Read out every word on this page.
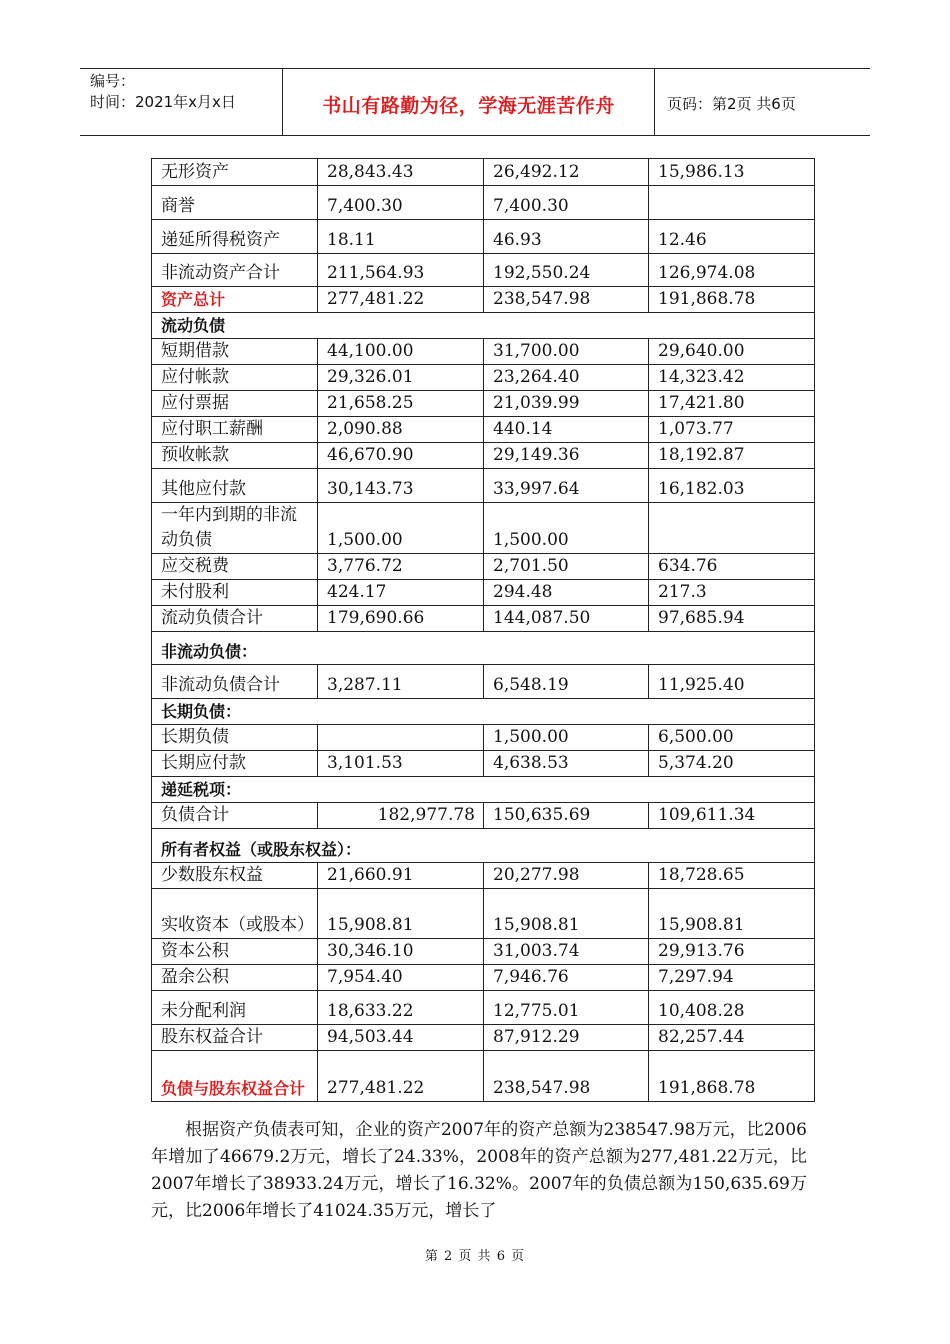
编号：
时间：2021年x月x日	书山有路勤为径，学海无涯苦作舟	页码：第2页 共6页
无形资产	28,843.43	26,492.12	15,986.13
商誉	7,400.30	7,400.30	
递延所得税资产	18.11	46.93	12.46
非流动资产合计	211,564.93	192,550.24	126,974.08
资产总计	277,481.22	238,547.98	191,868.78
流动负债			
短期借款	44,100.00	31,700.00	29,640.00
应付帐款	29,326.01	23,264.40	14,323.42
应付票据	21,658.25	21,039.99	17,421.80
应付职工薪酬	2,090.88	440.14	1,073.77
预收帐款	46,670.90	29,149.36	18,192.87
其他应付款	30,143.73	33,997.64	16,182.03
一年内到期的非流动负债	1,500.00	1,500.00	
应交税费	3,776.72	2,701.50	634.76
未付股利	424.17	294.48	217.3
流动负债合计	179,690.66	144,087.50	97,685.94
非流动负债：			
非流动负债合计	3,287.11	6,548.19	11,925.40
长期负债：			
长期负债		1,500.00	6,500.00
长期应付款	3,101.53	4,638.53	5,374.20
递延税项：			
负债合计	182,977.78	150,635.69	109,611.34
所有者权益（或股东权益）：			
少数股东权益	21,660.91	20,277.98	18,728.65
实收资本（或股本）	15,908.81	15,908.81	15,908.81
资本公积	30,346.10	31,003.74	29,913.76
盈余公积	7,954.40	7,946.76	7,297.94
未分配利润	18,633.22	12,775.01	10,408.28
股东权益合计	94,503.44	87,912.29	82,257.44
负债与股东权益合计	277,481.22	238,547.98	191,868.78

根据资产负债表可知，企业的资产2007年的资产总额为238547.98万元，比2006年增加了46679.2万元，增长了24.33%，2008年的资产总额为277,481.22万元，比2007年增长了38933.24万元，增长了16.32%。2007年的负债总额为150,635.69万元，比2006年增长了41024.35万元，增长了

第 2 页 共 6 页
